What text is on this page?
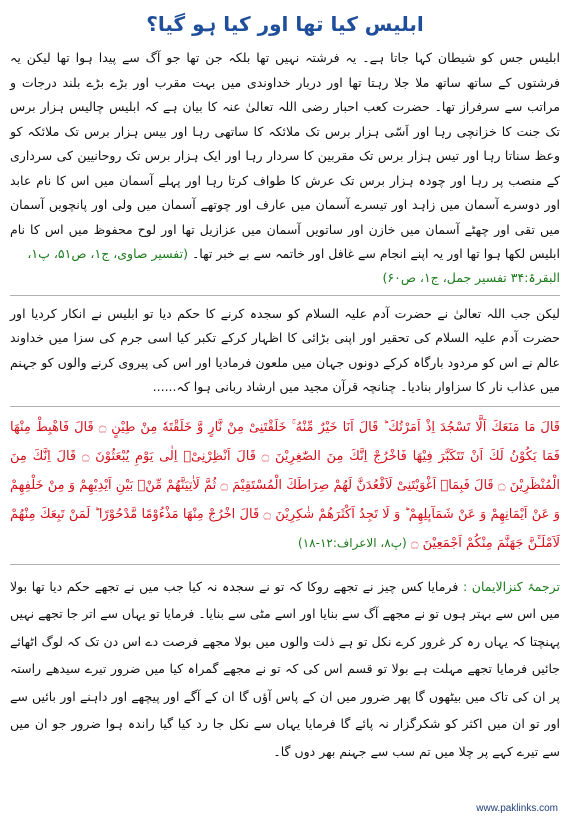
ابلیس کیا تھا اور کیا ہو گیا؟

ابلیس جس کو شیطان کہا جاتا ہے۔ یہ فرشتہ نہیں تھا بلکہ جن تھا جو آگ سے پیدا ہوا تھا لیکن یہ فرشتوں کے ساتھ ساتھ ملا جلا رہتا تھا اور دربار خداوندی میں بہت مقرب اور بڑے بڑے بلند درجات و مراتب سے سرفراز تھا۔ حضرت کعب احبار رضی اللہ تعالیٰ عنہ کا بیان ہے کہ ابلیس چالیس ہزار برس تک جنت کا خزانچی رہا اور اَسّی ہزار برس تک ملائکہ کا ساتھی رہا اور بیس ہزار برس تک ملائکہ کو وعظ سناتا رہا اور تیس ہزار برس تک مقربین کا سردار رہا اور ایک ہزار برس تک روحانیین کی سرداری کے منصب پر رہا اور چودہ ہزار برس تک عرش کا طواف کرتا رہا اور پہلے آسمان میں اس کا نام عابد اور دوسرے آسمان میں زاہد اور تیسرے آسمان میں عارف اور چوتھے آسمان میں ولی اور پانچویں آسمان میں تقی اور چھٹے آسمان میں خازن اور ساتویں آسمان میں عزازیل تھا اور لوح محفوظ میں اس کا نام ابلیس لکھا ہوا تھا اور یہ اپنے انجام سے غافل اور خاتمہ سے بے خبر تھا۔ (تفسیر صاوی، ج۱، ص۵۱، پ۱،

البقرۃ:۳۴ تفسیر جمل، ج۱، ص۶۰)

لیکن جب اللہ تعالیٰ نے حضرت آدم علیہ السلام کو سجدہ کرنے کا حکم دیا تو ابلیس نے انکار کردیا اور حضرت آدم علیہ السلام کی تحقیر اور اپنی بڑائی کا اظہار کرکے تکبر کیا اسی جرم کی سزا میں خداوند عالم نے اس کو مردود بارگاہ کرکے دونوں جہان میں ملعون فرمادیا اور اس کی پیروی کرنے والوں کو جہنم میں عذاب نار کا سزاوار بنادیا۔ چنانچہ قرآن مجید میں ارشاد ربانی ہوا کہ......

قَالَ مَا مَنَعَكَ اَلَّا تَسْجُدَ اِذْ اَمَرْتُكَ ؕ قَالَ اَنَا خَیْرٌ مِّنْهُ ۚ خَلَقْتَنِیْ مِنْ نَّارٍ وَّ خَلَقْتَهٗ مِنْ طِیْنٍ ۝ قَالَ فَاهْبِطْ مِنْهَا فَمَا یَكُوْنُ لَكَ اَنْ تَتَكَبَّرَ فِیْهَا فَاخْرُجْ اِنَّكَ مِنَ الصّٰغِرِیْنَ ۝ قَالَ اَنْظِرْنِیْۤ اِلٰی یَوْمِ یُبْعَثُوْنَ ۝ قَالَ اِنَّكَ مِنَ الْمُنْظَرِیْنَ ۝ قَالَ فَبِمَاۤ اَغْوَیْتَنِیْ لَاَقْعُدَنَّ لَهُمْ صِرَاطَكَ الْمُسْتَقِیْمَ ۝ ثُمَّ لَاٰتِیَنَّهُمْ مِّنْۢ بَیْنِ اَیْدِیْهِمْ وَ مِنْ خَلْفِهِمْ وَ عَنْ اَیْمَانِهِمْ وَ عَنْ شَمَآىٕلِهِمْ ؕ وَ لَا تَجِدُ اَكْثَرَهُمْ شٰكِرِیْنَ ۝ قَالَ اخْرُجْ مِنْهَا مَذْءُوْمًا مَّدْحُوْرًا ؕ لَمَنْ تَبِعَكَ مِنْهُمْ لَاَمْلَـَٔنَّ جَهَنَّمَ مِنْكُمْ اَجْمَعِیْنَ ۝ (پ۸، الاعراف:۱۲-۱۸)

ترجمۂ کنزالایمان : فرمایا کس چیز نے تجھے روکا کہ تو نے سجدہ نہ کیا جب میں نے تجھے حکم دیا تھا بولا میں اس سے بہتر ہوں تو نے مجھے آگ سے بنایا اور اسے مٹی سے بنایا۔ فرمایا تو یہاں سے اتر جا تجھے نہیں پہنچتا کہ یہاں رہ کر غرور کرے نکل تو ہے ذلت والوں میں بولا مجھے فرصت دے اس دن تک کہ لوگ اٹھائے جائیں فرمایا تجھے مہلت ہے بولا تو قسم اس کی کہ تو نے مجھے گمراہ کیا میں ضرور تیرے سیدھے راستہ پر ان کی تاک میں بیٹھوں گا پھر ضرور میں ان کے پاس آؤں گا ان کے آگے اور پیچھے اور داہنے اور بائیں سے اور تو ان میں اکثر کو شکرگزار نہ پائے گا فرمایا یہاں سے نکل جا رد کیا گیا راندہ ہوا ضرور جو ان میں سے تیرے کہے پر چلا میں تم سب سے جہنم بھر دوں گا۔

www.paklinks.com
